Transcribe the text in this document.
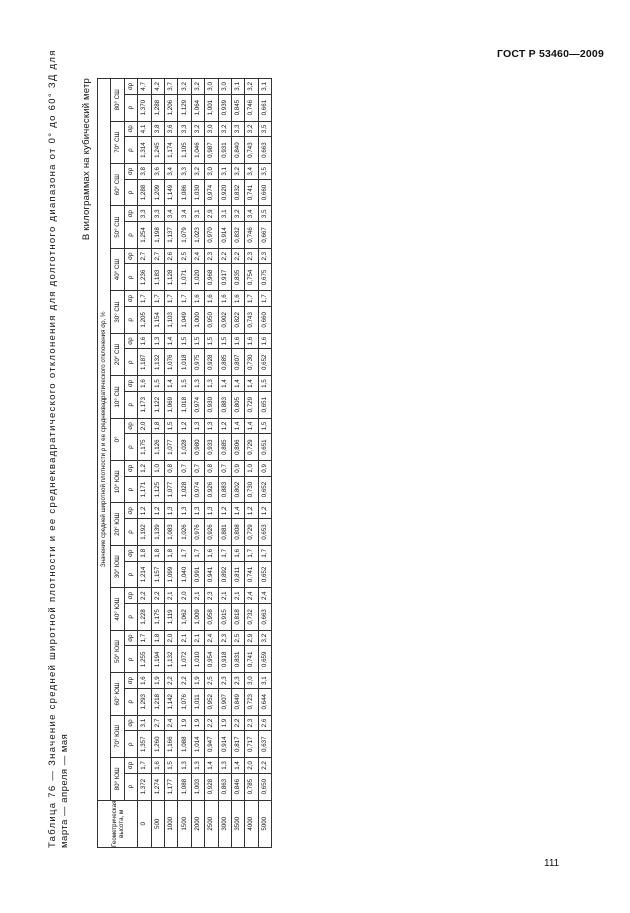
ГОСТ Р 53460—2009
Таблица 76 — Значение средней широтной плотности и ее среднеквадратического отклонения для долготного диапазона от 0° до 60° ЗД для марта — апреля — мая
В килограммах на кубический метр
Геометрическая высота, м	Значение средней широтной плотности ρ и ее среднеквадратического отклонения σρ, %																																	
	80° ЮШ		70° ЮШ		60° ЮШ		50° ЮШ		40° ЮШ		30° ЮШ		20° ЮШ		10° ЮШ		0°		10° СШ		20° СШ		30° СШ		40° СШ		50° СШ		60° СШ		70° СШ		80° СШ	
	ρ	σρ	ρ	σρ	ρ	σρ	ρ	σρ	ρ	σρ	ρ	σρ	ρ	σρ	ρ	σρ	ρ	σρ	ρ	σρ	ρ	σρ	ρ	σρ	ρ	σρ	ρ	σρ	ρ	σρ	ρ	σρ	ρ	σρ
0	1,372	1,7	1,357	3,1	1,293	1,6	1,255	1,7	1,228	2,2	1,214	1,8	1,192	1,2	1,171	1,2	1,175	2,0	1,173	1,6	1,187	1,6	1,205	1,7	1,236	2,7	1,254	3,3	1,288	3,8	1,314	4,1	1,370	4,7
500	1,274	1,6	1,260	2,7	1,218	1,9	1,194	1,8	1,175	2,2	1,157	1,8	1,139	1,2	1,125	1,0	1,126	1,8	1,122	1,5	1,132	1,3	1,154	1,7	1,183	2,7	1,198	3,3	1,209	3,6	1,245	3,8	1,288	4,2
1000	1,177	1,5	1,166	2,4	1,142	2,2	1,132	2,0	1,119	2,1	1,099	1,8	1,083	1,3	1,077	0,8	1,077	1,5	1,069	1,4	1,076	1,4	1,103	1,7	1,128	2,6	1,137	3,4	1,149	3,4	1,174	3,6	1,206	3,7
1500	1,088	1,3	1,088	1,9	1,076	2,2	1,072	2,1	1,062	2,0	1,040	1,7	1,026	1,3	1,028	0,7	1,028	1,2	1,018	1,5	1,018	1,5	1,049	1,7	1,071	2,5	1,079	3,4	1,086	3,3	1,105	3,3	1,129	3,2
2000	1,003	1,3	1,014	1,9	1,011	1,9	1,010	2,1	1,009	2,1	0,991	1,7	0,976	1,3	0,974	0,7	0,980	1,3	0,974	1,3	0,975	1,5	1,000	1,6	1,020	2,4	1,023	3,1	1,030	3,2	1,046	3,2	1,064	3,2
2500	0,928	1,4	0,947	2,2	0,952	2,5	0,954	2,4	0,958	2,3	0,941	1,6	0,926	1,3	0,926	0,8	0,933	1,3	0,930	1,3	0,928	1,5	0,950	1,6	0,968	2,3	0,970	2,9	0,974	3,0	0,987	3,0	1,001	3,0
3000	0,863	1,3	0,914	1,9	0,907	2,3	0,918	2,3	0,915	2,1	0,892	1,7	0,881	1,2	0,883	0,7	0,885	1,2	0,883	1,4	0,885	1,5	0,902	1,6	0,917	2,2	0,914	3,1	0,920	3,1	0,931	3,2	0,939	3,0
3500	0,846	1,4	0,817	2,2	0,849	2,3	0,831	2,5	0,818	2,1	0,811	1,6	0,808	1,4	0,802	0,9	0,806	1,4	0,805	1,4	0,807	1,6	0,822	1,6	0,835	2,2	0,832	3,2	0,832	3,2	0,840	3,3	0,845	3,1
4000	0,785	2,0	0,717	2,3	0,723	3,0	0,741	2,9	0,732	2,4	0,741	1,7	0,729	1,2	0,730	1,0	0,729	1,4	0,729	1,4	0,730	1,6	0,743	1,7	0,754	2,3	0,746	3,4	0,741	3,4	0,743	3,2	0,746	3,2
5000	0,650	2,2	0,637	2,6	0,644	3,1	0,659	3,2	0,663	2,4	0,652	1,7	0,653	1,2	0,652	0,9	0,651	1,5	0,651	1,5	0,652	1,6	0,660	1,7	0,675	2,3	0,667	3,5	0,660	3,5	0,663	3,5	0,661	3,1
111
